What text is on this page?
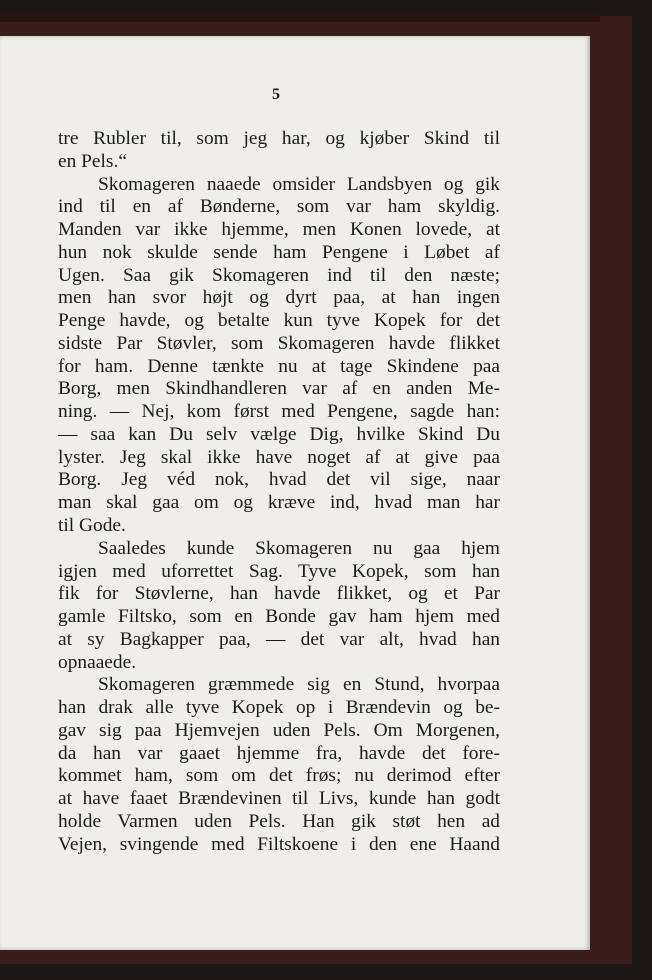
5
tre Rubler til, som jeg har, og kjøber Skind til
en Pels.“
Skomageren naaede omsider Landsbyen og gik
ind til en af Bønderne, som var ham skyldig.
Manden var ikke hjemme, men Konen lovede, at
hun nok skulde sende ham Pengene i Løbet af
Ugen. Saa gik Skomageren ind til den næste;
men han svor højt og dyrt paa, at han ingen
Penge havde, og betalte kun tyve Kopek for det
sidste Par Støvler, som Skomageren havde flikket
for ham. Denne tænkte nu at tage Skindene paa
Borg, men Skindhandleren var af en anden Me-
ning. — Nej, kom først med Pengene, sagde han:
— saa kan Du selv vælge Dig, hvilke Skind Du
lyster. Jeg skal ikke have noget af at give paa
Borg. Jeg véd nok, hvad det vil sige, naar
man skal gaa om og kræve ind, hvad man har
til Gode.
Saaledes kunde Skomageren nu gaa hjem
igjen med uforrettet Sag. Tyve Kopek, som han
fik for Støvlerne, han havde flikket, og et Par
gamle Filtsko, som en Bonde gav ham hjem med
at sy Bagkapper paa, — det var alt, hvad han
opnaaede.
Skomageren græmmede sig en Stund, hvorpaa
han drak alle tyve Kopek op i Brændevin og be-
gav sig paa Hjemvejen uden Pels. Om Morgenen,
da han var gaaet hjemme fra, havde det fore-
kommet ham, som om det frøs; nu derimod efter
at have faaet Brændevinen til Livs, kunde han godt
holde Varmen uden Pels. Han gik støt hen ad
Vejen, svingende med Filtskoene i den ene Haand
